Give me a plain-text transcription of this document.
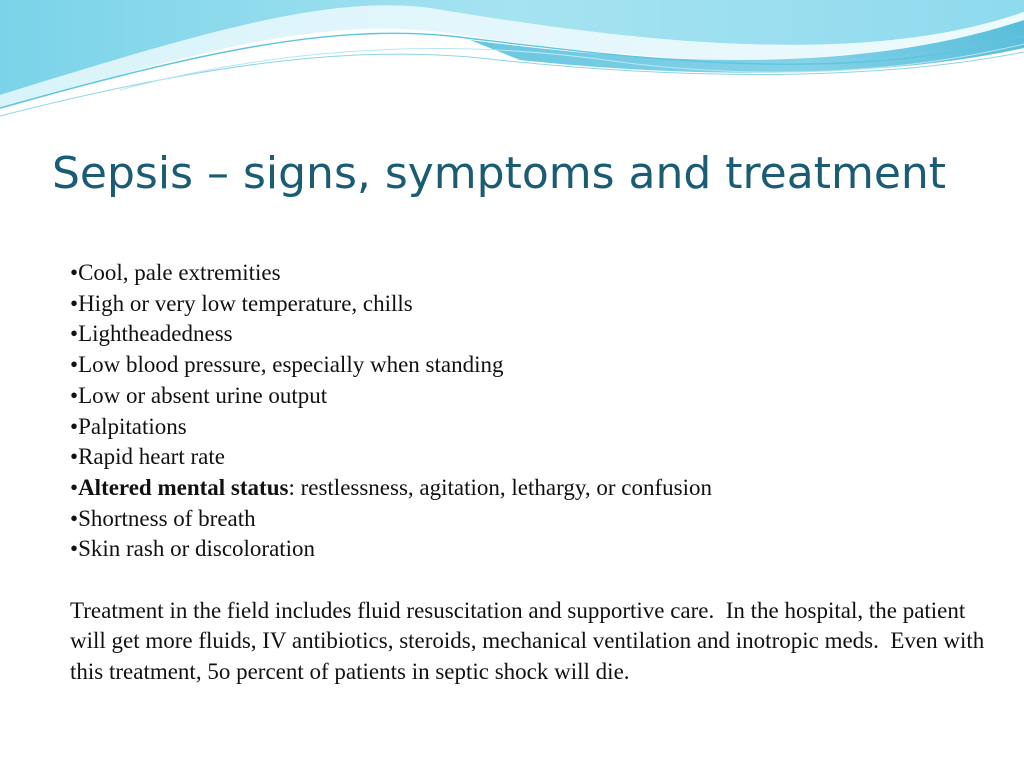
Sepsis – signs, symptoms and treatment
•Cool, pale extremities
•High or very low temperature, chills
•Lightheadedness
•Low blood pressure, especially when standing
•Low or absent urine output
•Palpitations
•Rapid heart rate
•Altered mental status: restlessness, agitation, lethargy, or confusion
•Shortness of breath
•Skin rash or discoloration

Treatment in the field includes fluid resuscitation and supportive care.  In the hospital, the patient will get more fluids, IV antibiotics, steroids, mechanical ventilation and inotropic meds.  Even with this treatment, 5o percent of patients in septic shock will die.
